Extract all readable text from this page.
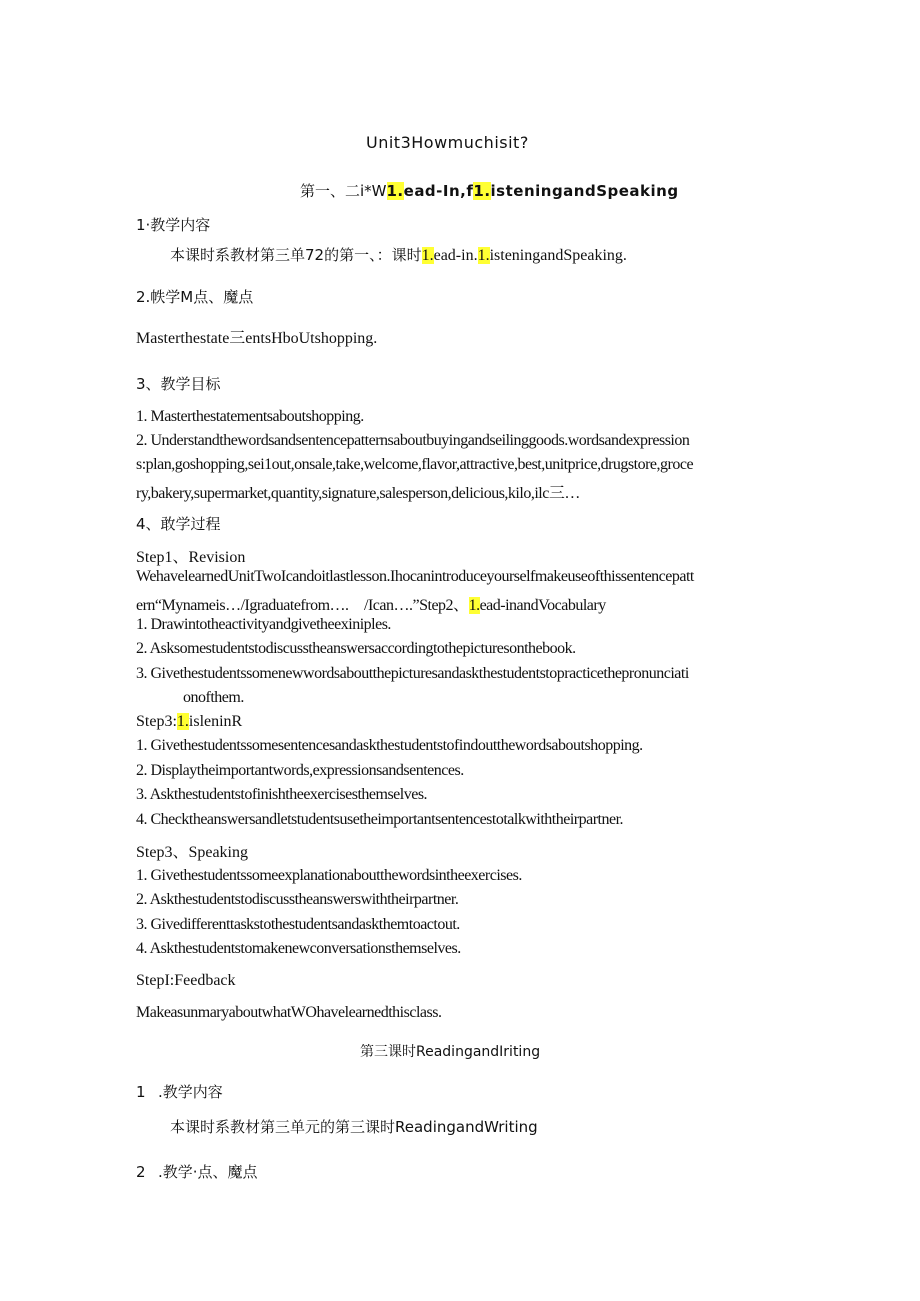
Unit3Howmuchisit?
第一、二i*W1.ead-In,f1.isteningandSpeaking
1·教学内容
本课时系教材第三单72的第一、：课时1.ead-in.1.isteningandSpeaking.
2.帙学M点、魔点
Masterthestate三entsHboUtshopping.
3、教学目标
1. Masterthestatementsaboutshopping.
2. Understandthewordsandsentencepatternsaboutbuyingandseilinggoods.wordsandexpression
s:plan,goshopping,sei1out,onsale,take,welcome,flavor,attractive,best,unitprice,drugstore,groce
ry,bakery,supermarket,quantity,signature,salesperson,delicious,kilo,ilc三…
4、敢学过程
Step1、Revision
WehavelearnedUnitTwoIcandoitlastlesson.Ihocanintroduceyourselfmakeuseofthissentencepatt
ern“Mynameis…/Igraduatefrom….　/Ican….”Step2、1.ead-inandVocabulary
1. Drawintotheactivityandgivetheexiniples.
2. Asksomestudentstodiscusstheanswersaccordingtothepicturesonthebook.
3. Givethestudentssomenewwordsaboutthepicturesandaskthestudentstopracticethepronunciati
onofthem.
Step3:1.isleninR
1. Givethestudentssomesentencesandaskthestudentstofindoutthewordsaboutshopping.
2. Displaytheimportantwords,expressionsandsentences.
3. Askthestudentstofinishtheexercisesthemselves.
4. Checktheanswersandletstudentsusetheimportantsentencestotalkwiththeirpartner.
Step3、Speaking
1. Givethestudentssomeexplanationaboutthewordsintheexercises.
2. Askthestudentstodiscusstheanswerswiththeirpartner.
3. Givedifferenttaskstothestudentsandaskthemtoactout.
4. Askthestudentstomakenewconversationsthemselves.
StepI:Feedback
MakeasunmaryaboutwhatWOhavelearnedthisclass.
第三课时ReadingandIriting
1 .教学内容
本课时系教材第三单元的第三课时ReadingandWriting
2 .教学·点、魔点
